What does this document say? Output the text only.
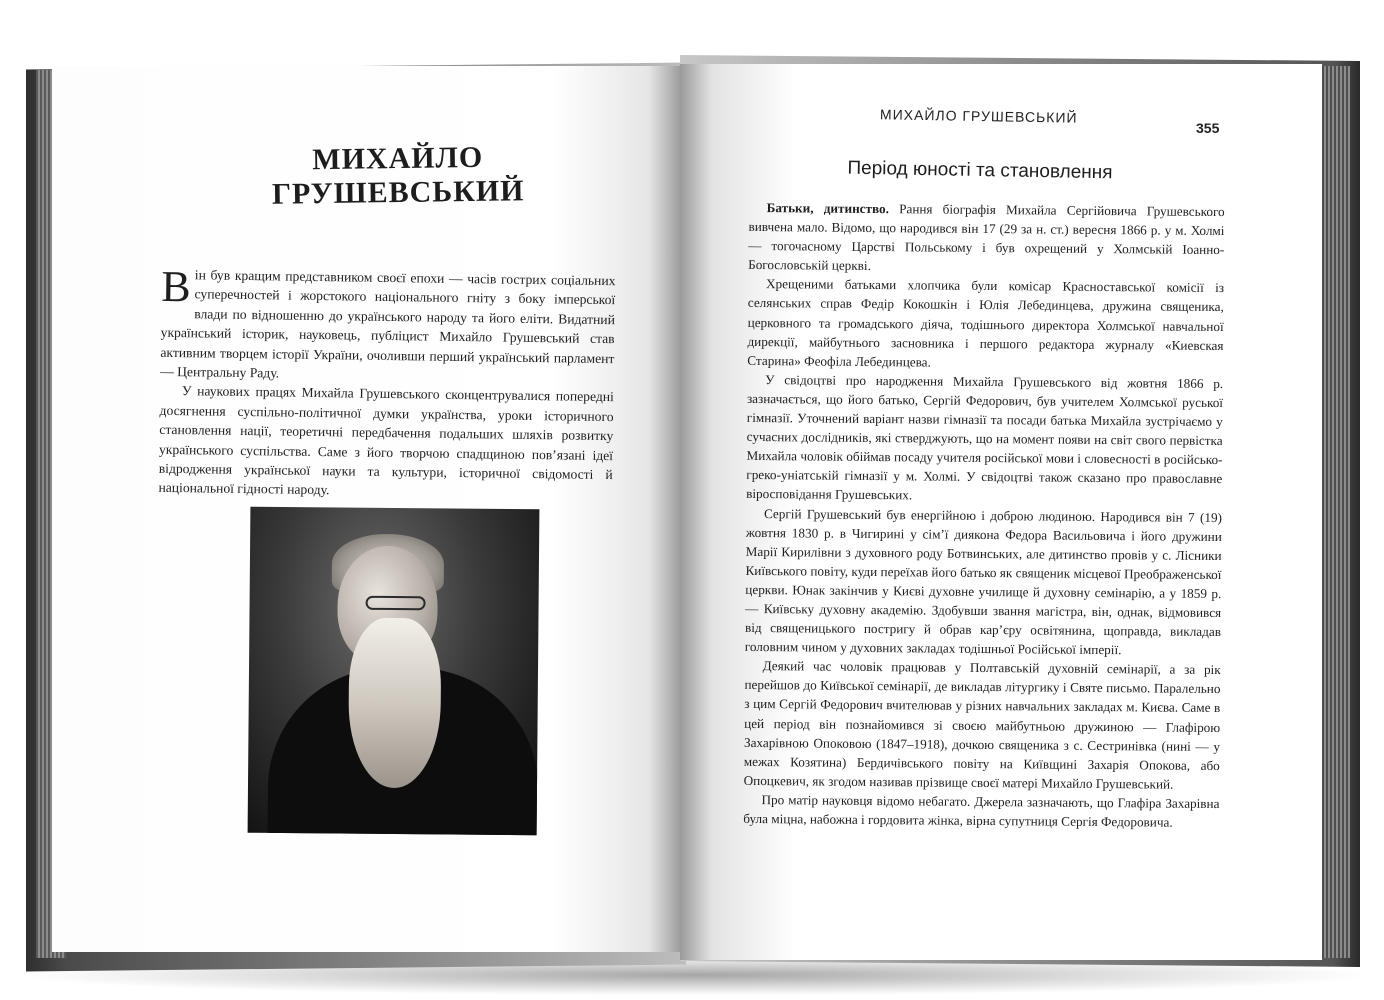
МИХАЙЛО ГРУШЕВСЬКИЙ

Він був кращим представником своєї епохи — часів гострих соціальних суперечностей і жорстокого національного гніту з боку імперської влади по відношенню до українського народу та його еліти. Видатний український історик, науковець, публіцист Михайло Грушевський став активним творцем історії України, очоливши перший український парламент — Центральну Раду.

У наукових працях Михайла Грушевського сконцентрувалися попередні досягнення суспільно-політичної думки українства, уроки історичного становлення нації, теоретичні передбачення подальших шляхів розвитку українського суспільства. Саме з його творчою спадщиною пов’язані ідеї відродження української науки та культури, історичної свідомості й національної гідності народу.

МИХАЙЛО ГРУШЕВСЬКИЙ
355
Період юності та становлення

Батьки, дитинство. Рання біографія Михайла Сергійовича Грушевського вивчена мало. Відомо, що народився він 17 (29 за н. ст.) вересня 1866 р. у м. Холмі — тогочасному Царстві Польському і був охрещений у Холмській Іоанно-Богословській церкві.

Хрещеними батьками хлопчика були комісар Красноставської комісії із селянських справ Федір Кокошкін і Юлія Лебединцева, дружина священика, церковного та громадського діяча, тодішнього директора Холмської навчальної дирекції, майбутнього засновника і першого редактора журналу «Киевская Старина» Феофіла Лебединцева.

У свідоцтві про народження Михайла Грушевського від жовтня 1866 р. зазначається, що його батько, Сергій Федорович, був учителем Холмської руської гімназії. Уточнений варіант назви гімназії та посади батька Михайла зустрічаємо у сучасних дослідників, які стверджують, що на момент появи на світ свого первістка Михайла чоловік обіймав посаду учителя російської мови і словесності в російсько-греко-уніатській гімназії у м. Холмі. У свідоцтві також сказано про православне віросповідання Грушевських.

Сергій Грушевський був енергійною і доброю людиною. Народився він 7 (19) жовтня 1830 р. в Чигирині у сім’ї диякона Федора Васильовича і його дружини Марії Кирилівни з духовного роду Ботвинських, але дитинство провів у с. Лісники Київського повіту, куди переїхав його батько як священик місцевої Преображенської церкви. Юнак закінчив у Києві духовне училище й духовну семінарію, а у 1859 р. — Київську духовну академію. Здобувши звання магістра, він, однак, відмовився від священицького постригу й обрав кар’єру освітянина, щоправда, викладав головним чином у духовних закладах тодішньої Російської імперії.

Деякий час чоловік працював у Полтавській духовній семінарії, а за рік перейшов до Київської семінарії, де викладав літургику і Святе письмо. Паралельно з цим Сергій Федорович вчителював у різних навчальних закладах м. Києва. Саме в цей період він познайомився зі своєю майбутньою дружиною — Глафірою Захарівною Опоковою (1847–1918), дочкою священика з с. Сестринівка (нині — у межах Козятина) Бердичівського повіту на Київщині Захарія Опокова, або Опоцкевич, як згодом називав прізвище своєї матері Михайло Грушевський.

Про матір науковця відомо небагато. Джерела зазначають, що Глафіра Захарівна була міцна, набожна і гордовита жінка, вірна супутниця Сергія Федоровича.
